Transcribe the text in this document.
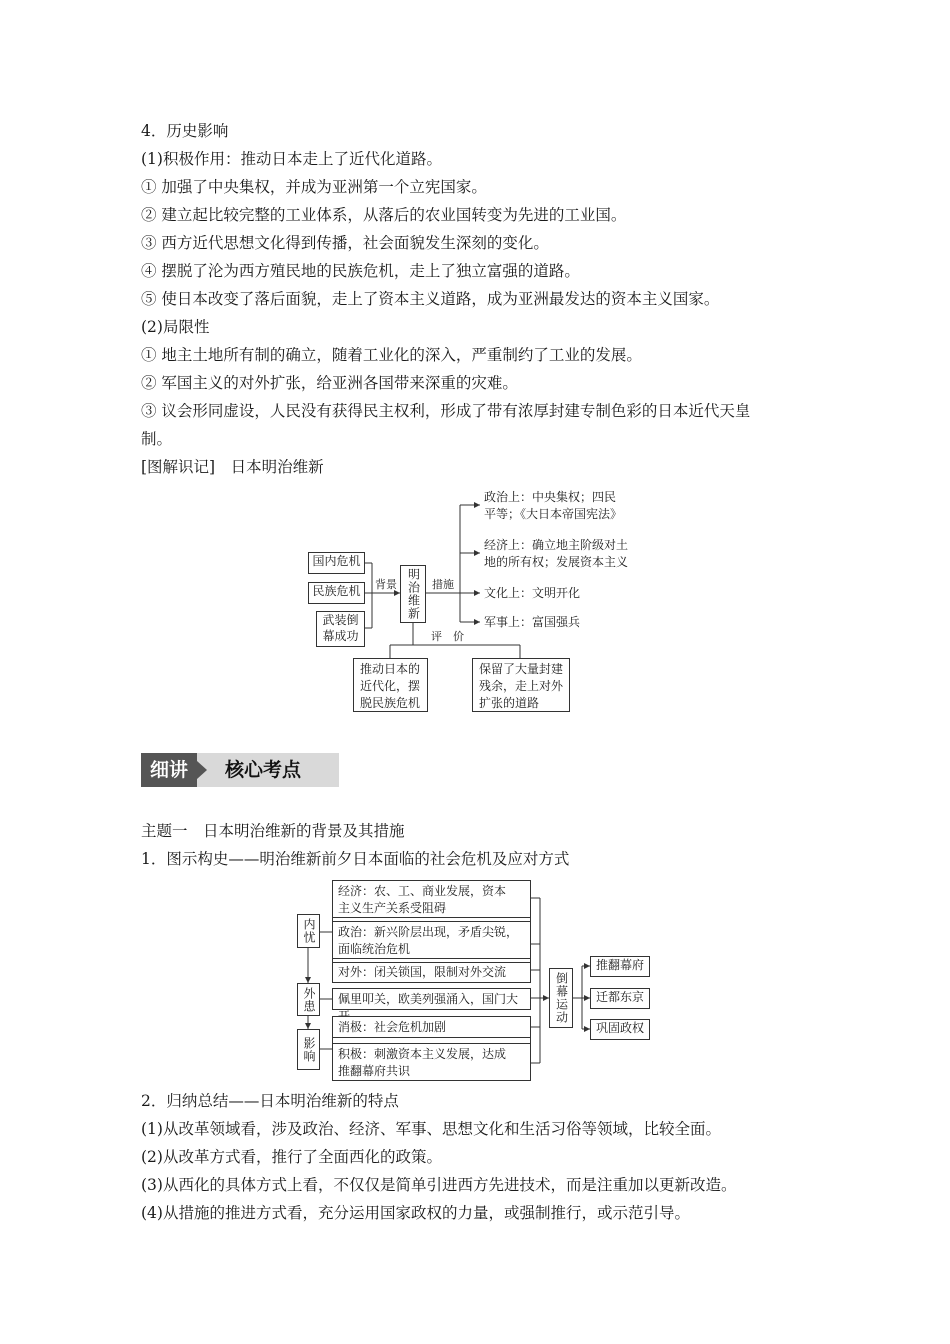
4．历史影响
(1)积极作用：推动日本走上了近代化道路。
① 加强了中央集权，并成为亚洲第一个立宪国家。
② 建立起比较完整的工业体系，从落后的农业国转变为先进的工业国。
③ 西方近代思想文化得到传播，社会面貌发生深刻的变化。
④ 摆脱了沦为西方殖民地的民族危机，走上了独立富强的道路。
⑤ 使日本改变了落后面貌，走上了资本主义道路，成为亚洲最发达的资本主义国家。
(2)局限性
① 地主土地所有制的确立，随着工业化的深入，严重制约了工业的发展。
② 军国主义的对外扩张，给亚洲各国带来深重的灾难。
③ 议会形同虚设，人民没有获得民主权利，形成了带有浓厚封建专制色彩的日本近代天皇
制。
[图解识记]　日本明治维新
国内危机
民族危机
武装倒幕成功
背景 明治维新 措施
政治上：中央集权；四民
平等；《大日本帝国宪法》
经济上：确立地主阶级对土
地的所有权；发展资本主义
文化上：文明开化
军事上：富国强兵
评　价
推动日本的
近代化，摆
脱民族危机
保留了大量封建
残余，走上对外
扩张的道路
细讲	核心考点
主题一　日本明治维新的背景及其措施
1．图示构史——明治维新前夕日本面临的社会危机及应对方式
内忧
外患
影响
经济：农、工、商业发展，资本
主义生产关系受阻碍
政治：新兴阶层出现，矛盾尖锐，
面临统治危机
对外：闭关锁国，限制对外交流
佩里叩关，欧美列强涌入，国门大
消极：社会危机加剧
积极：刺激资本主义发展，达成
推翻幕府共识
倒幕运动
推翻幕府
迁都东京
巩固政权
2．归纳总结——日本明治维新的特点
(1)从改革领域看，涉及政治、经济、军事、思想文化和生活习俗等领域，比较全面。
(2)从改革方式看，推行了全面西化的政策。
(3)从西化的具体方式上看，不仅仅是简单引进西方先进技术，而是注重加以更新改造。
(4)从措施的推进方式看，充分运用国家政权的力量，或强制推行，或示范引导。
